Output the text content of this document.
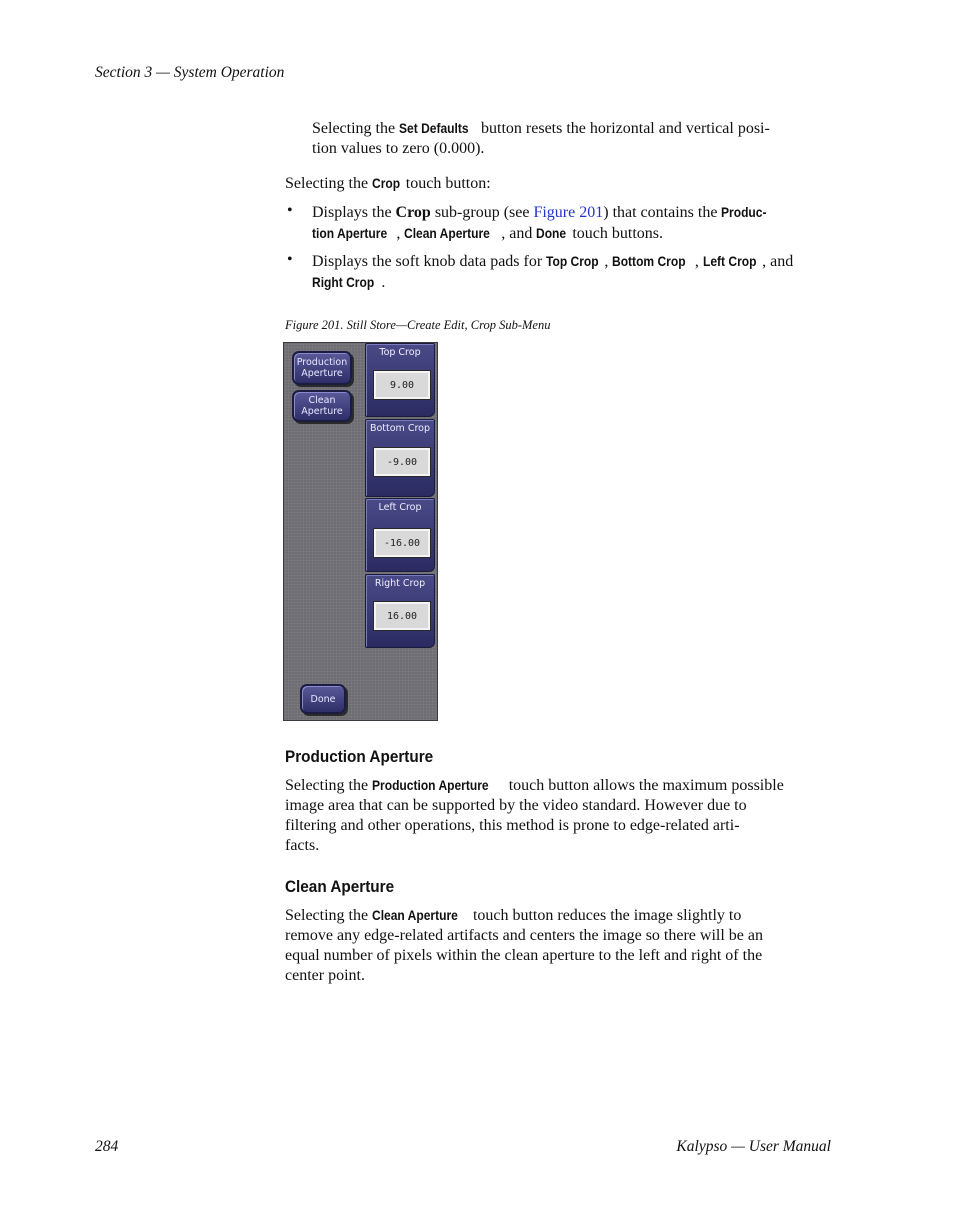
Section 3 — System Operation
Selecting the Set Defaults button resets the horizontal and vertical posi-
tion values to zero (0.000).
Selecting the Crop touch button:
• Displays the Crop sub-group (see Figure 201) that contains the Produc-
tion Aperture , Clean Aperture , and Done touch buttons.
• Displays the soft knob data pads for Top Crop , Bottom Crop , Left Crop , and
Right Crop .
Figure 201. Still Store—Create Edit, Crop Sub-Menu
Production
Aperture
Clean
Aperture
Top Crop
9.00
Bottom Crop
-9.00
Left Crop
-16.00
Right Crop
16.00
Done
Production Aperture
Selecting the Production Aperture touch button allows the maximum possible
image area that can be supported by the video standard. However due to
filtering and other operations, this method is prone to edge-related arti-
facts.
Clean Aperture
Selecting the Clean Aperture touch button reduces the image slightly to
remove any edge-related artifacts and centers the image so there will be an
equal number of pixels within the clean aperture to the left and right of the
center point.
284	Kalypso — User Manual
